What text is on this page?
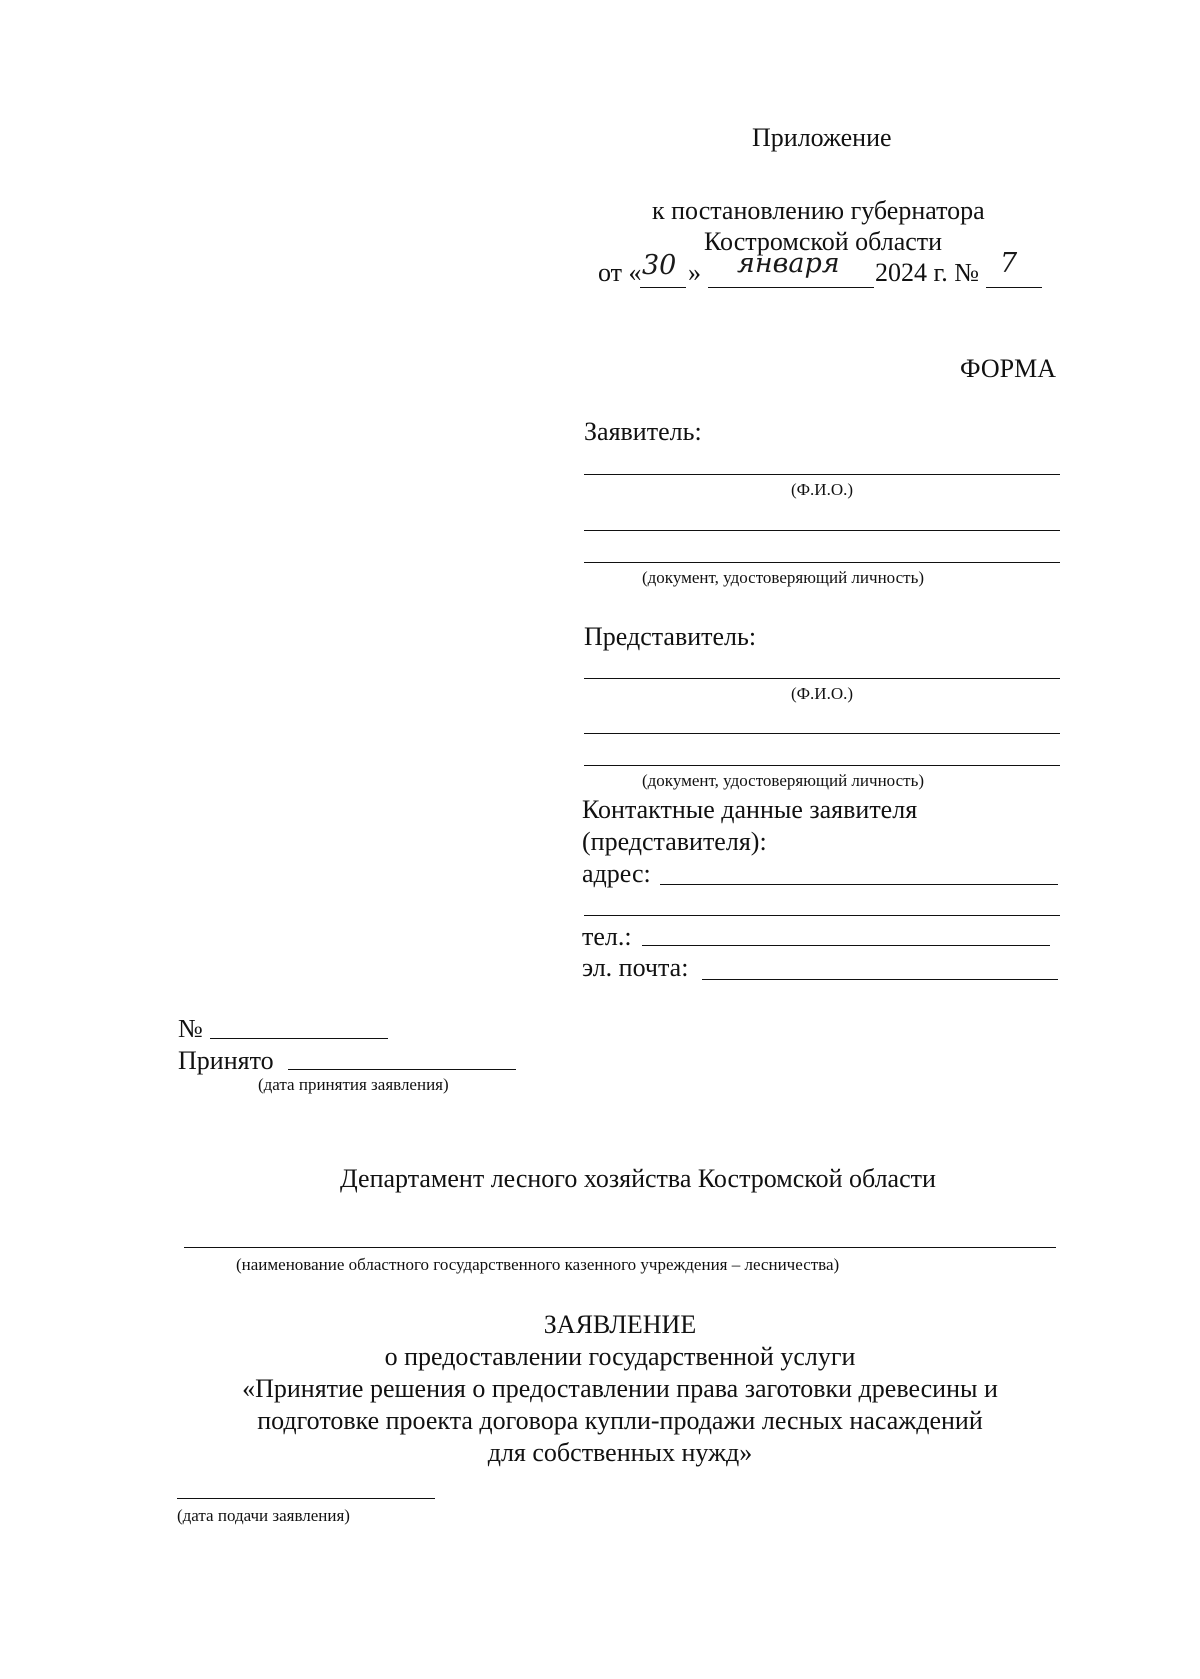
Приложение
к постановлению губернатора
Костромской области
от « 30 » января 2024 г. № 7
ФОРМА
Заявитель:
(Ф.И.О.)
(документ, удостоверяющий личность)
Представитель:
(Ф.И.О.)
(документ, удостоверяющий личность)
Контактные данные заявителя
(представителя):
адрес:
тел.:
эл. почта:
№
Принято
(дата принятия заявления)
Департамент лесного хозяйства Костромской области
(наименование областного государственного казенного учреждения – лесничества)
ЗАЯВЛЕНИЕ
о предоставлении государственной услуги
«Принятие решения о предоставлении права заготовки древесины и
подготовке проекта договора купли-продажи лесных насаждений
для собственных нужд»
(дата подачи заявления)
